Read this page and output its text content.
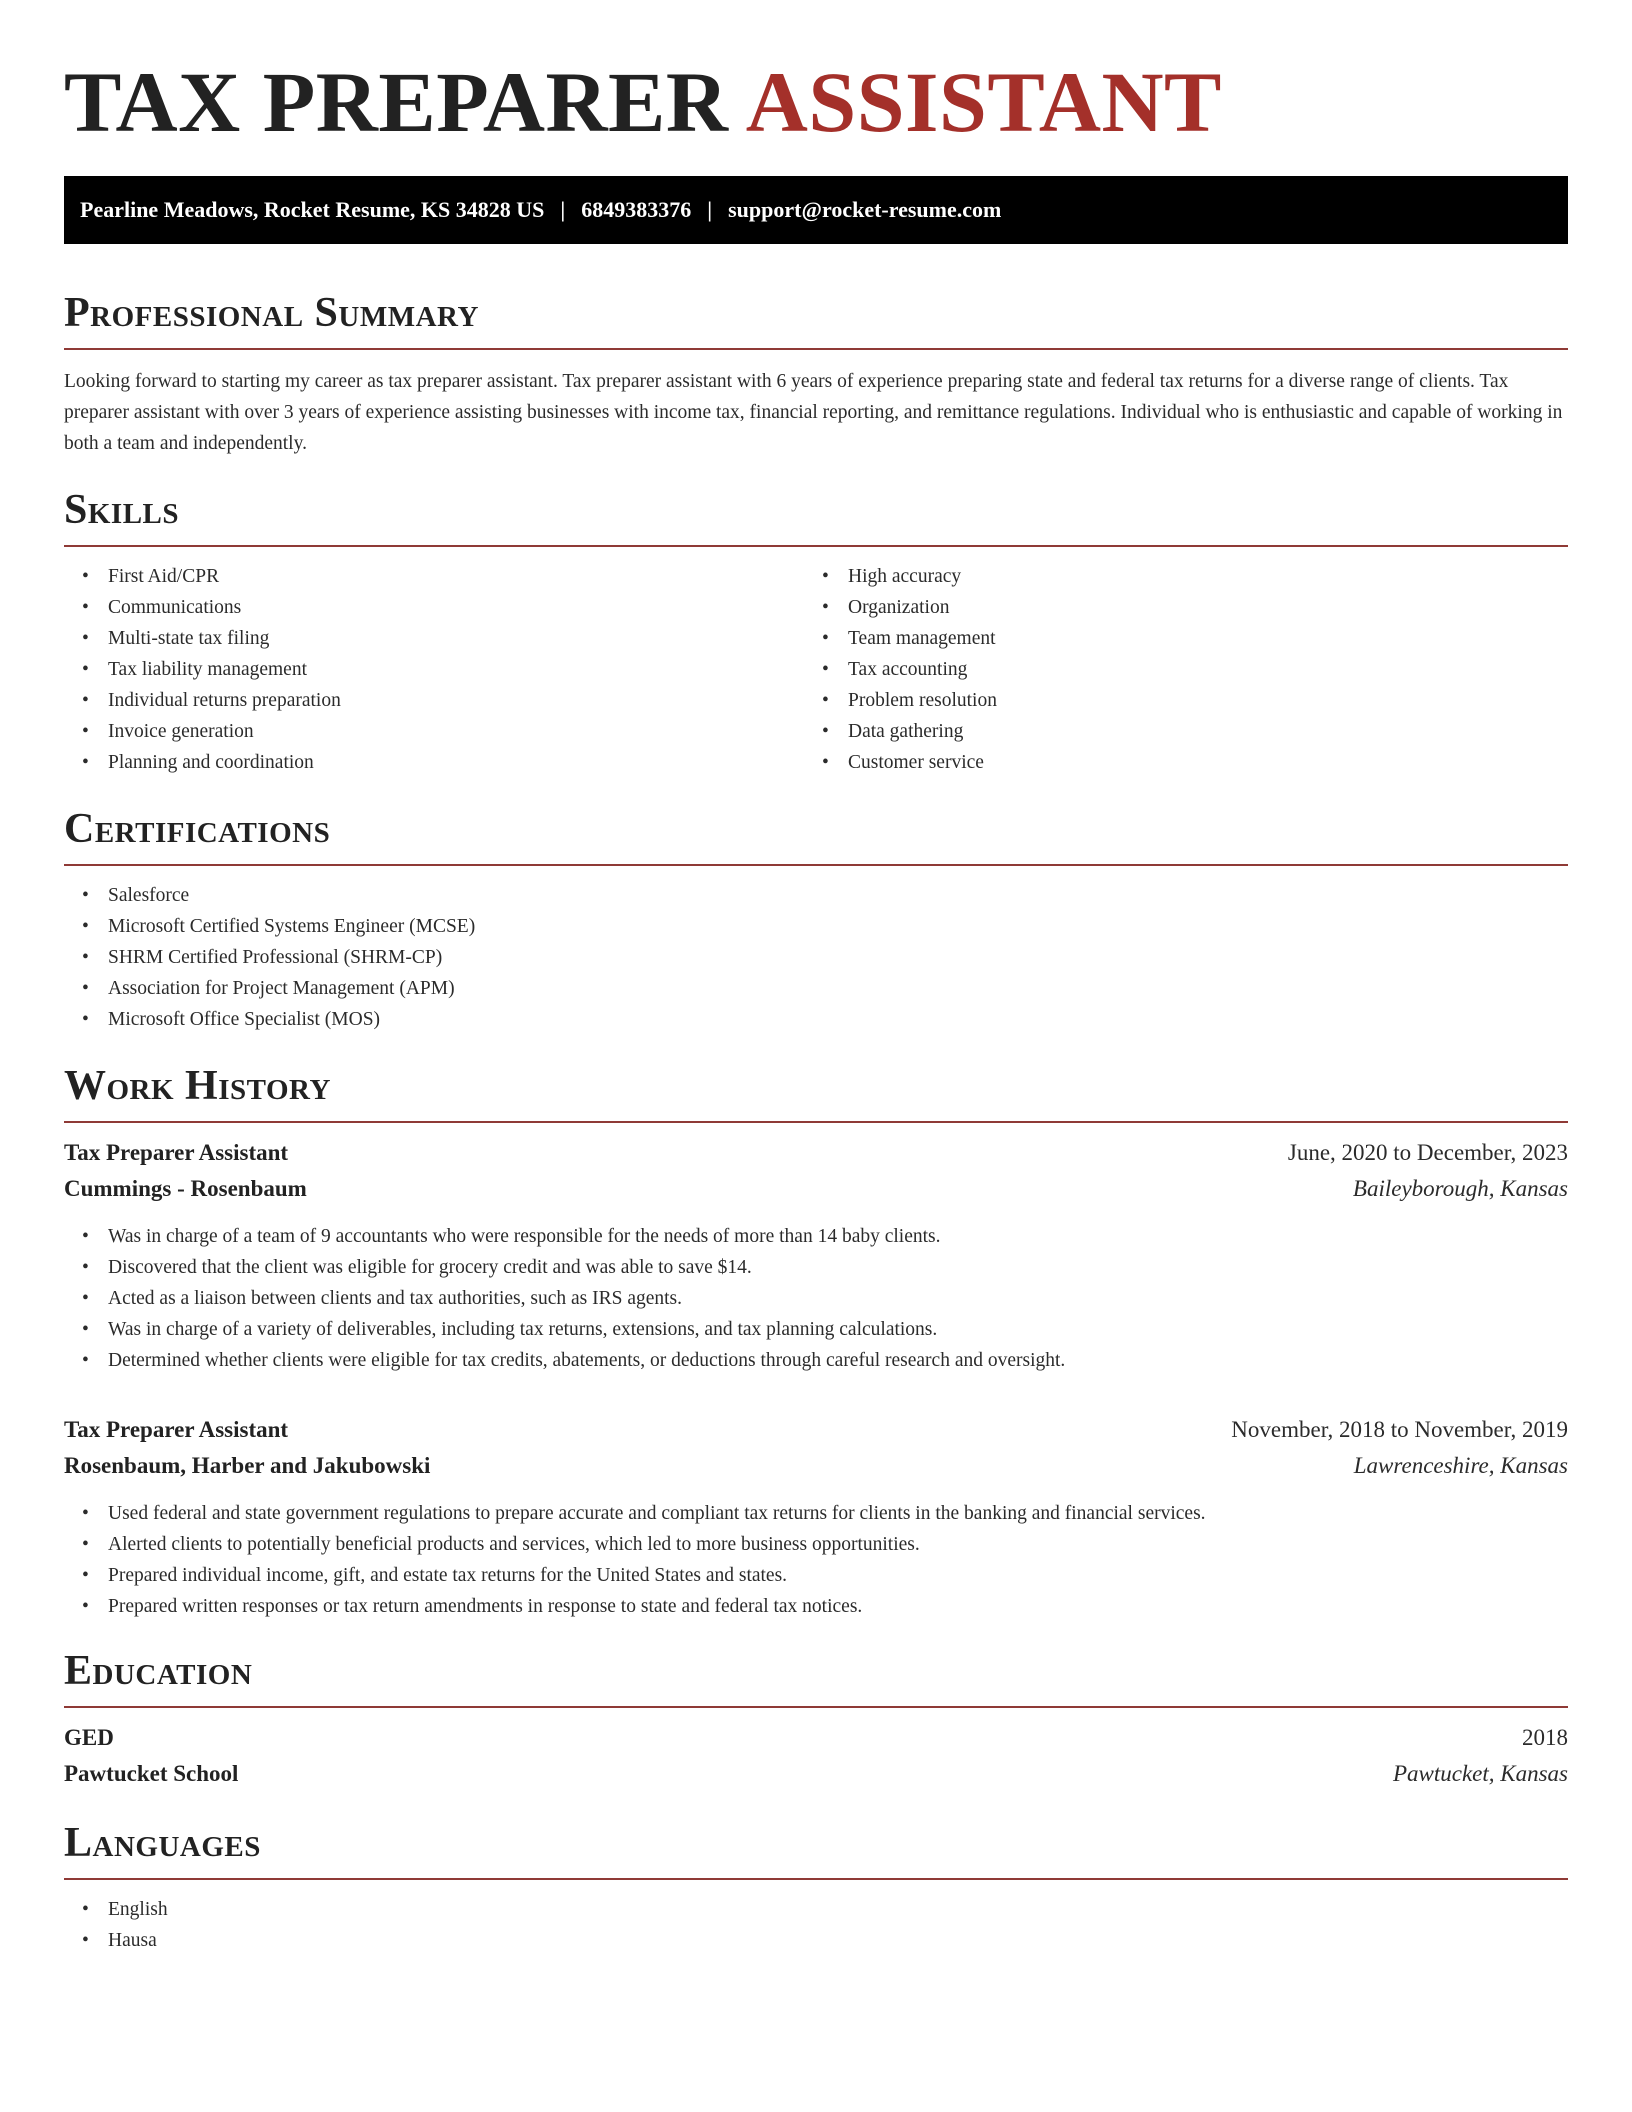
TAX PREPARER ASSISTANT
Pearline Meadows, Rocket Resume, KS 34828 US | 6849383376 | support@rocket-resume.com
Professional Summary

Looking forward to starting my career as tax preparer assistant. Tax preparer assistant with 6 years of experience preparing state and federal tax returns for a diverse range of clients. Tax preparer assistant with over 3 years of experience assisting businesses with income tax, financial reporting, and remittance regulations. Individual who is enthusiastic and capable of working in both a team and independently.

Skills
• First Aid/CPR
• Communications
• Multi-state tax filing
• Tax liability management
• Individual returns preparation
• Invoice generation
• Planning and coordination
• High accuracy
• Organization
• Team management
• Tax accounting
• Problem resolution
• Data gathering
• Customer service
Certifications
• Salesforce
• Microsoft Certified Systems Engineer (MCSE)
• SHRM Certified Professional (SHRM-CP)
• Association for Project Management (APM)
• Microsoft Office Specialist (MOS)
Work History
Tax Preparer Assistant	June, 2020 to December, 2023
Cummings - Rosenbaum	Baileyborough, Kansas
• Was in charge of a team of 9 accountants who were responsible for the needs of more than 14 baby clients.
• Discovered that the client was eligible for grocery credit and was able to save $14.
• Acted as a liaison between clients and tax authorities, such as IRS agents.
• Was in charge of a variety of deliverables, including tax returns, extensions, and tax planning calculations.
• Determined whether clients were eligible for tax credits, abatements, or deductions through careful research and oversight.
Tax Preparer Assistant	November, 2018 to November, 2019
Rosenbaum, Harber and Jakubowski	Lawrenceshire, Kansas
• Used federal and state government regulations to prepare accurate and compliant tax returns for clients in the banking and financial services.
• Alerted clients to potentially beneficial products and services, which led to more business opportunities.
• Prepared individual income, gift, and estate tax returns for the United States and states.
• Prepared written responses or tax return amendments in response to state and federal tax notices.
Education
GED	2018
Pawtucket School	Pawtucket, Kansas
Languages
• English
• Hausa
